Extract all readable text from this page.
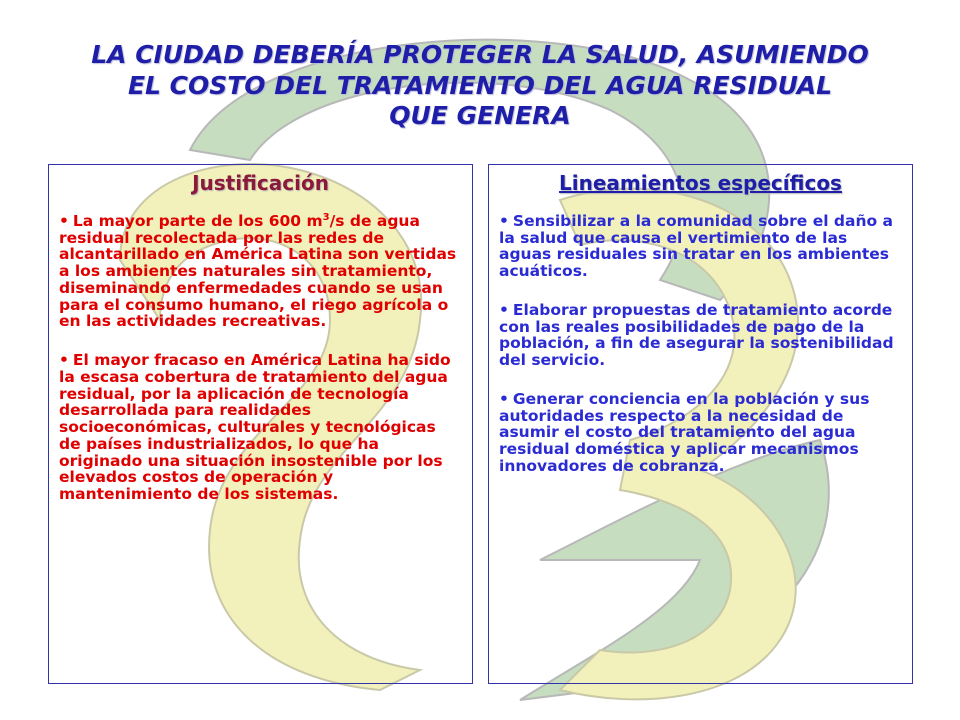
LA CIUDAD DEBERÍA PROTEGER LA SALUD, ASUMIENDO
EL COSTO DEL TRATAMIENTO DEL AGUA RESIDUAL
QUE GENERA
Justificación

• La mayor parte de los 600 $m^3/s$ de agua residual recolectada por las redes de alcantarillado en América Latina son vertidas a los ambientes naturales sin tratamiento, diseminando enfermedades cuando se usan para el consumo humano, el riego agrícola o en las actividades recreativas.

• El mayor fracaso en América Latina ha sido la escasa cobertura de tratamiento del agua residual, por la aplicación de tecnología desarrollada para realidades socioeconómicas, culturales y tecnológicas de países industrializados, lo que ha originado una situación insostenible por los elevados costos de operación y mantenimiento de los sistemas.

Lineamientos específicos

• Sensibilizar a la comunidad sobre el daño a la salud que causa el vertimiento de las aguas residuales sin tratar en los ambientes acuáticos.

• Elaborar propuestas de tratamiento acorde con las reales posibilidades de pago de la población, a fin de asegurar la sostenibilidad del servicio.

• Generar conciencia en la población y sus autoridades respecto a la necesidad de asumir el costo del tratamiento del agua residual doméstica y aplicar mecanismos innovadores de cobranza.
